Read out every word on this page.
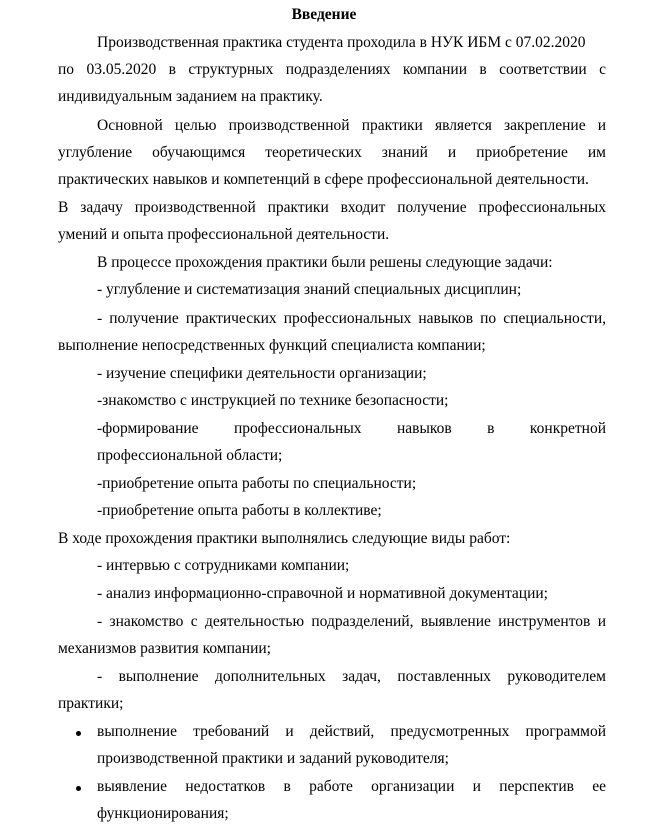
Введение
Производственная практика студента проходила в НУК ИБМ с 07.02.2020
по 03.05.2020 в структурных подразделениях компании в соответствии с
индивидуальным заданием на практику.
Основной целью производственной практики является закрепление и
углубление обучающимся теоретических знаний и приобретение им
практических навыков и компетенций в сфере профессиональной деятельности.
В задачу производственной практики входит получение профессиональных
умений и опыта профессиональной деятельности.
В процессе прохождения практики были решены следующие задачи:
- углубление и систематизация знаний специальных дисциплин;
- получение практических профессиональных навыков по специальности,
выполнение непосредственных функций специалиста компании;
- изучение специфики деятельности организации;
-знакомство с инструкцией по технике безопасности;
-формирование профессиональных навыков в конкретной
профессиональной области;
-приобретение опыта работы по специальности;
-приобретение опыта работы в коллективе;
В ходе прохождения практики выполнялись следующие виды работ:
- интервью с сотрудниками компании;
- анализ информационно-справочной и нормативной документации;
- знакомство с деятельностью подразделений, выявление инструментов и
механизмов развития компании;
- выполнение дополнительных задач, поставленных руководителем
практики;
выполнение требований и действий, предусмотренных программой
производственной практики и заданий руководителя;
выявление недостатков в работе организации и перспектив ее
функционирования;
